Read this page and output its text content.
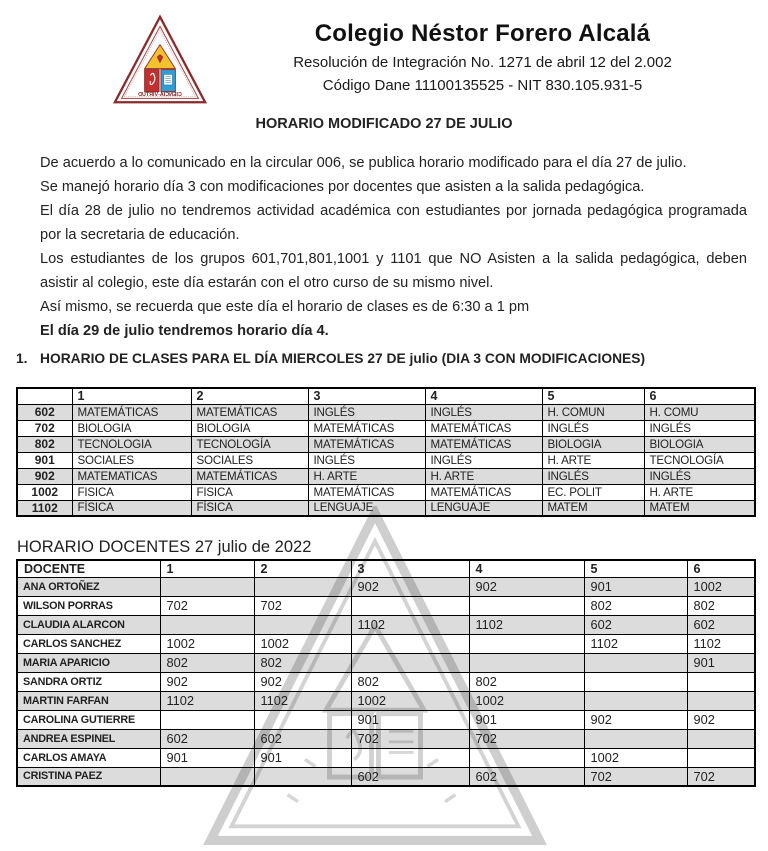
CIENCIA-VIRTUD
Colegio Néstor Forero Alcalá
Resolución de Integración No. 1271 de abril 12 del 2.002
Código Dane 11100135525 - NIT 830.105.931-5
HORARIO MODIFICADO 27 DE JULIO

De acuerdo a lo comunicado en la circular 006, se publica horario modificado para el día 27 de julio.

Se manejó horario día 3 con modificaciones por docentes que asisten a la salida pedagógica.

El día 28 de julio no tendremos actividad académica con estudiantes por jornada pedagógica programada por la secretaria de educación.

Los estudiantes de los grupos 601,701,801,1001 y 1101 que NO Asisten a la salida pedagógica, deben asistir al colegio, este día estarán con el otro curso de su mismo nivel.

Así mismo, se recuerda que este día el horario de clases es de 6:30 a 1 pm

El día 29 de julio tendremos horario día 4.

1. HORARIO DE CLASES PARA EL DÍA MIERCOLES 27 DE julio (DIA 3 CON MODIFICACIONES)
	1	2	3	4	5	6
602	MATEMÁTICAS	MATEMÁTICAS	INGLÉS	INGLÉS	H. COMUN	H. COMU
702	BIOLOGIA	BIOLOGIA	MATEMÁTICAS	MATEMÁTICAS	INGLÉS	INGLÉS
802	TECNOLOGIA	TECNOLOGÍA	MATEMÁTICAS	MATEMÁTICAS	BIOLOGIA	BIOLOGIA
901	SOCIALES	SOCIALES	INGLÉS	INGLÉS	H. ARTE	TECNOLOGÍA
902	MATEMATICAS	MATEMÁTICAS	H. ARTE	H. ARTE	INGLÉS	INGLÉS
1002	FISICA	FISICA	MATEMÁTICAS	MATEMÁTICAS	EC. POLIT	H. ARTE
1102	FÍSICA	FÍSICA	LENGUAJE	LENGUAJE	MATEM	MATEM
HORARIO DOCENTES 27 julio de 2022
DOCENTE	1	2	3	4	5	6
ANA ORTOÑEZ			902	902	901	1002
WILSON PORRAS	702	702			802	802
CLAUDIA ALARCON			1102	1102	602	602
CARLOS SANCHEZ	1002	1002			1102	1102
MARIA APARICIO	802	802				901
SANDRA ORTIZ	902	902	802	802		
MARTIN FARFAN	1102	1102	1002	1002		
CAROLINA GUTIERRE			901	901	902	902
ANDREA ESPINEL	602	602	702	702		
CARLOS AMAYA	901	901			1002	
CRISTINA PAEZ			602	602	702	702
